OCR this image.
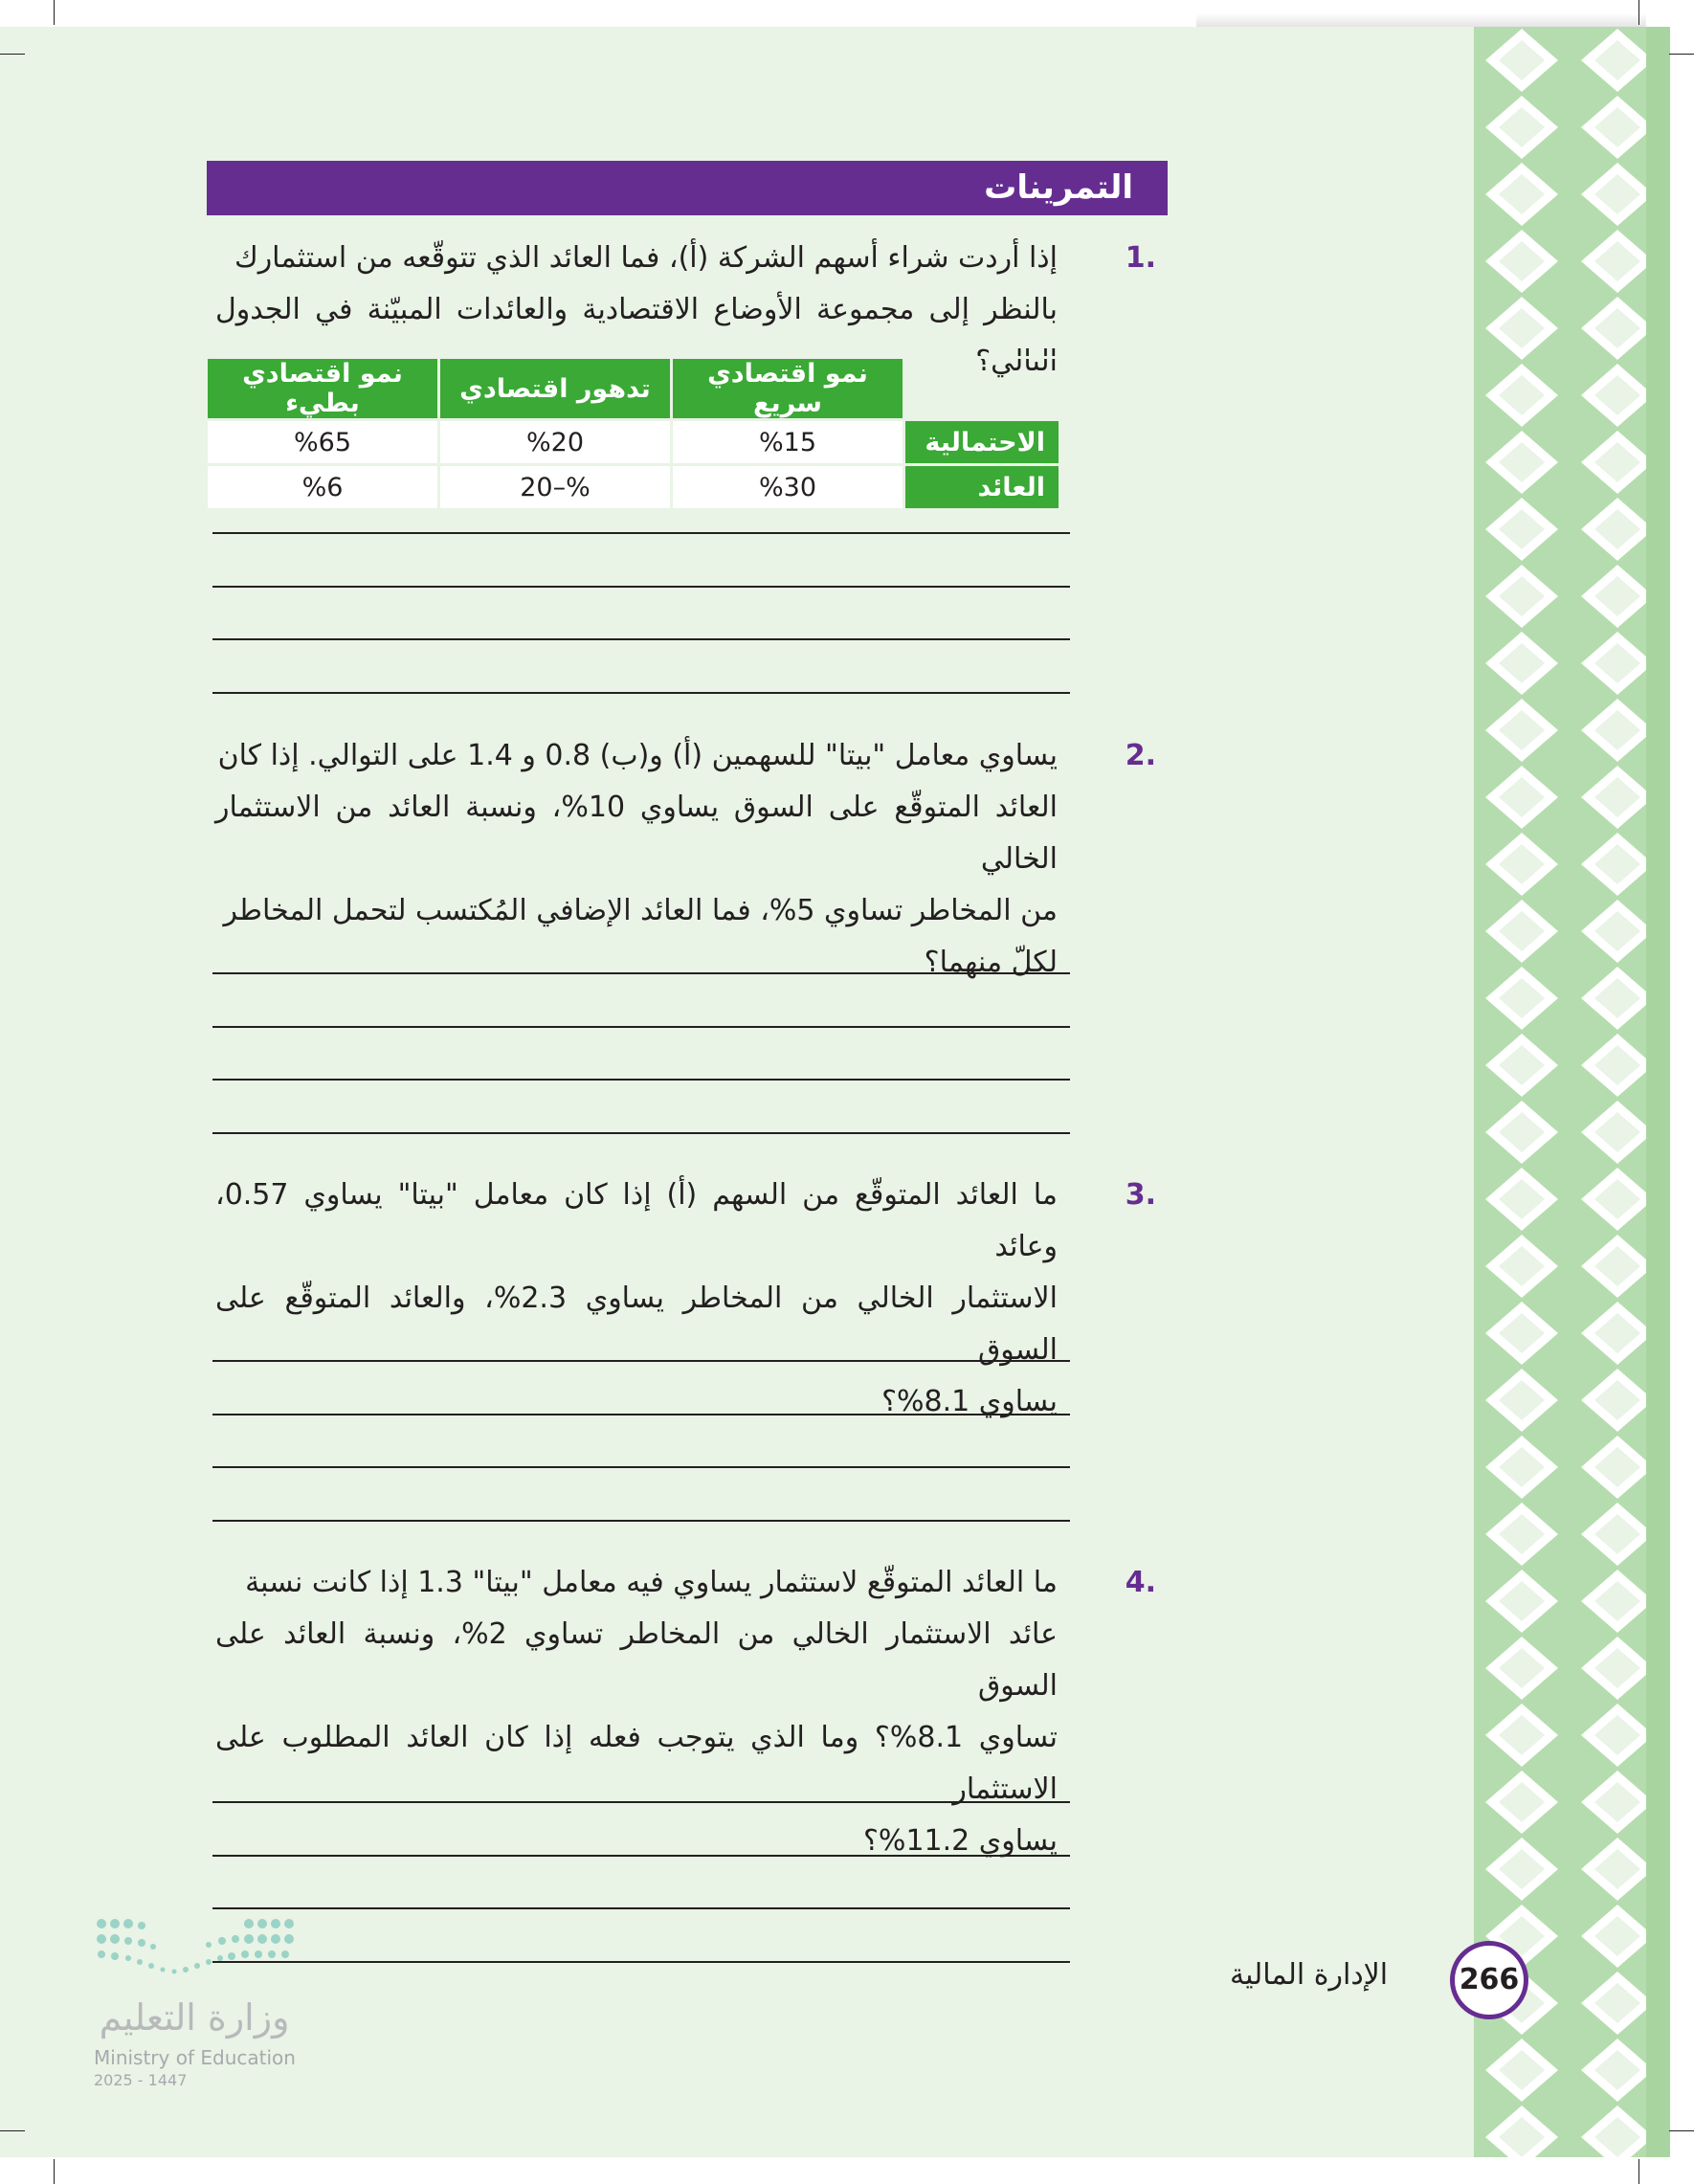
التمرينات
1.
إذا أردت شراء أسهم الشركة (أ)، فما العائد الذي تتوقّعه من استثمارك
بالنظر إلى مجموعة الأوضاع الاقتصادية والعائدات المبيّنة في الجدول التالي؟
	نمو اقتصادي سريع	تدهور اقتصادي	نمو اقتصادي بطيء
الاحتمالية	%15	%20	%65
العائد	%30	%–20	%6
2.
يساوي معامل "بيتا" للسهمين (أ) و(ب) 0.8 و 1.4 على التوالي. إذا كان
العائد المتوقّع على السوق يساوي 10%، ونسبة العائد من الاستثمار الخالي
من المخاطر تساوي 5%، فما العائد الإضافي المُكتسب لتحمل المخاطر
لكلّ منهما؟
3.
ما العائد المتوقّع من السهم (أ) إذا كان معامل "بيتا" يساوي 0.57، وعائد
الاستثمار الخالي من المخاطر يساوي 2.3%، والعائد المتوقّع على السوق
يساوي 8.1%؟
4.
ما العائد المتوقّع لاستثمار يساوي فيه معامل "بيتا" 1.3 إذا كانت نسبة
عائد الاستثمار الخالي من المخاطر تساوي 2%، ونسبة العائد على السوق
تساوي 8.1%؟ وما الذي يتوجب فعله إذا كان العائد المطلوب على الاستثمار
يساوي 11.2%؟
الإدارة المالية	266
وزارة التعليم
Ministry of Education
2025 - 1447
